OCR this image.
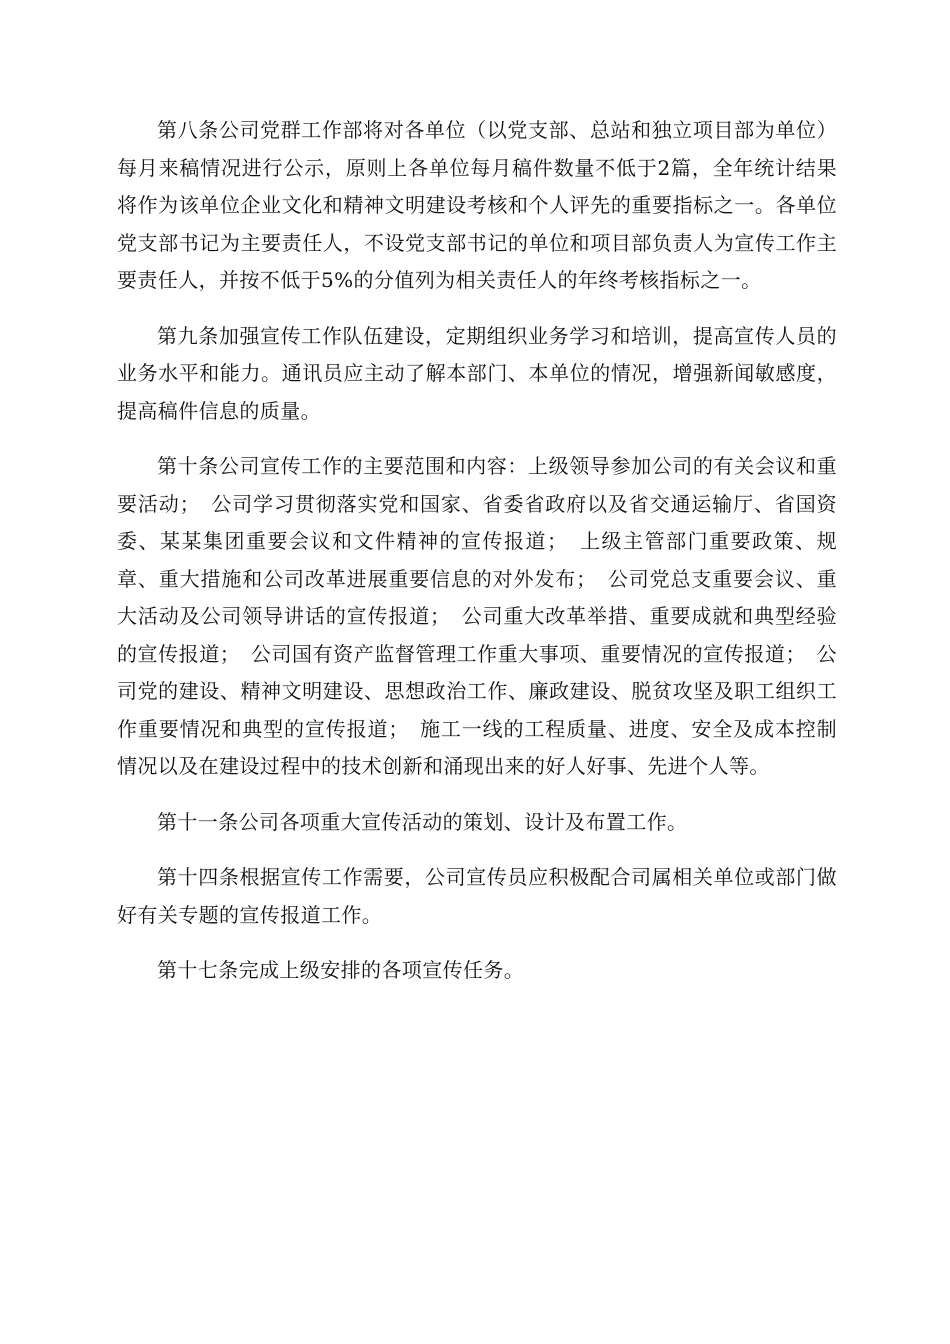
第八条公司党群工作部将对各单位（以党支部、总站和独立项目部为单位）每月来稿情况进行公示，原则上各单位每月稿件数量不低于2篇，全年统计结果将作为该单位企业文化和精神文明建设考核和个人评先的重要指标之一。各单位党支部书记为主要责任人，不设党支部书记的单位和项目部负责人为宣传工作主要责任人，并按不低于5%的分值列为相关责任人的年终考核指标之一。

第九条加强宣传工作队伍建设，定期组织业务学习和培训，提高宣传人员的业务水平和能力。通讯员应主动了解本部门、本单位的情况，增强新闻敏感度，提高稿件信息的质量。

第十条公司宣传工作的主要范围和内容：上级领导参加公司的有关会议和重要活动；　公司学习贯彻落实党和国家、省委省政府以及省交通运输厅、省国资委、某某集团重要会议和文件精神的宣传报道；　上级主管部门重要政策、规章、重大措施和公司改革进展重要信息的对外发布；　公司党总支重要会议、重大活动及公司领导讲话的宣传报道；　公司重大改革举措、重要成就和典型经验的宣传报道；　公司国有资产监督管理工作重大事项、重要情况的宣传报道；　公司党的建设、精神文明建设、思想政治工作、廉政建设、脱贫攻坚及职工组织工作重要情况和典型的宣传报道；　施工一线的工程质量、进度、安全及成本控制情况以及在建设过程中的技术创新和涌现出来的好人好事、先进个人等。

第十一条公司各项重大宣传活动的策划、设计及布置工作。

第十四条根据宣传工作需要，公司宣传员应积极配合司属相关单位或部门做好有关专题的宣传报道工作。

第十七条完成上级安排的各项宣传任务。
